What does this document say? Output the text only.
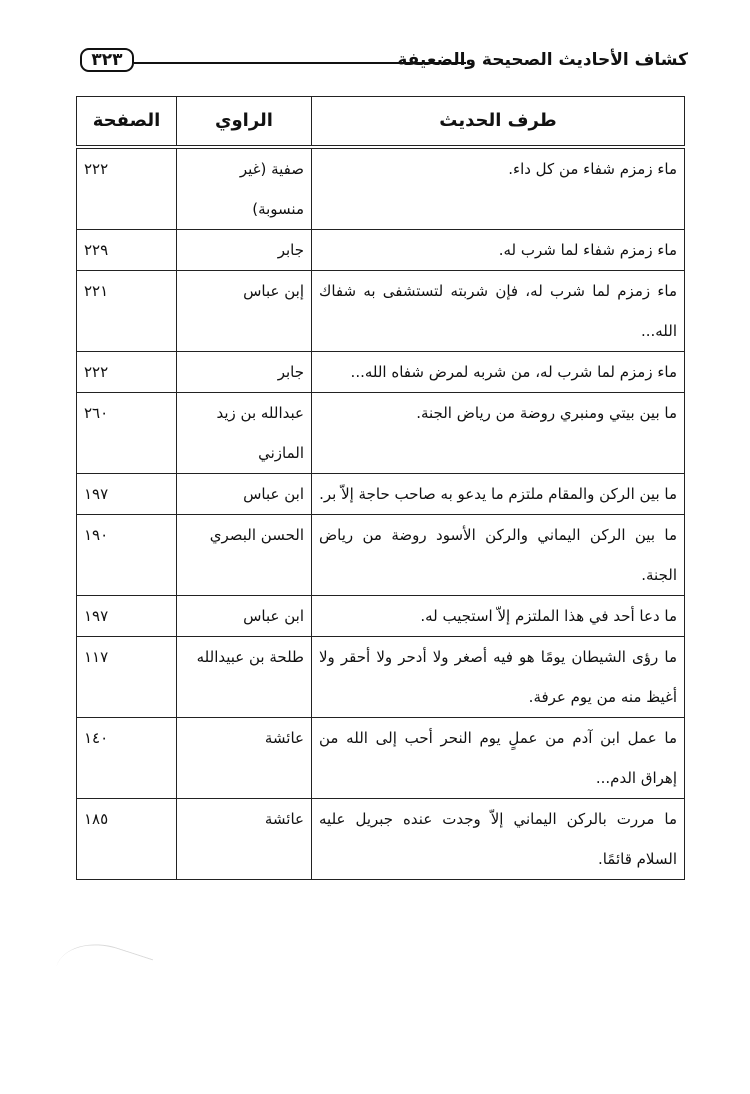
كشاف الأحاديث الصحيحة والضعيفة
٣٢٣
طرف الحديث	الراوي	الصفحة
ماء زمزم شفاء من كل داء.	صفية (غير منسوبة)	٢٢٢
ماء زمزم شفاء لما شرب له.	جابر	٢٢٩
ماء زمزم لما شرب له، فإن شربته لتستشفى به شفاك الله...	إبن عباس	٢٢١
ماء زمزم لما شرب له، من شربه لمرض شفاه الله...	جابر	٢٢٢
ما بين بيتي ومنبري روضة من رياض الجنة.	عبدالله بن زيد المازني	٢٦٠
ما بين الركن والمقام ملتزم ما يدعو به صاحب حاجة إلاّ بر.	ابن عباس	١٩٧
ما بين الركن اليماني والركن الأسود روضة من رياض الجنة.	الحسن البصري	١٩٠
ما دعا أحد في هذا الملتزم إلاّ استجيب له.	ابن عباس	١٩٧
ما رؤى الشيطان يومًا هو فيه أصغر ولا أدحر ولا أحقر ولا أغيظ منه من يوم عرفة.	طلحة بن عبيدالله	١١٧
ما عمل ابن آدم من عملٍ يوم النحر أحب إلى الله من إهراق الدم...	عائشة	١٤٠
ما مررت بالركن اليماني إلاّ وجدت عنده جبريل عليه السلام قائمًا.	عائشة	١٨٥
